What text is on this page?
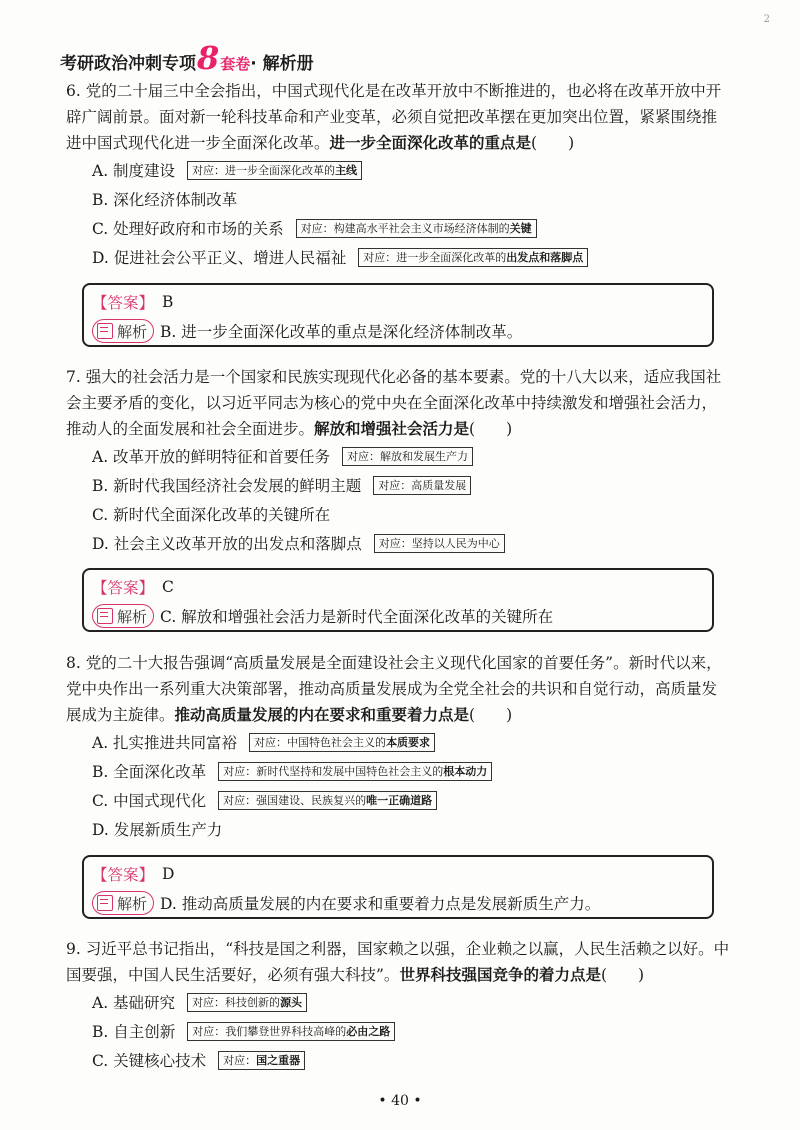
2
考研政治冲刺专项 8 套卷 · 解析册
6. 党的二十届三中全会指出，中国式现代化是在改革开放中不断推进的，也必将在改革开放中开辟广阔前景。面对新一轮科技革命和产业变革，必须自觉把改革摆在更加突出位置，紧紧围绕推进中国式现代化进一步全面深化改革。进一步全面深化改革的重点是(　　)
A. 制度建设	对应：进一步全面深化改革的主线
B. 深化经济体制改革
C. 处理好政府和市场的关系	对应：构建高水平社会主义市场经济体制的关键
D. 促进社会公平正义、增进人民福祉	对应：进一步全面深化改革的出发点和落脚点
【答案】 B
解析 B. 进一步全面深化改革的重点是深化经济体制改革。
7. 强大的社会活力是一个国家和民族实现现代化必备的基本要素。党的十八大以来，适应我国社会主要矛盾的变化，以习近平同志为核心的党中央在全面深化改革中持续激发和增强社会活力，推动人的全面发展和社会全面进步。解放和增强社会活力是(　　)
A. 改革开放的鲜明特征和首要任务	对应：解放和发展生产力
B. 新时代我国经济社会发展的鲜明主题	对应：高质量发展
C. 新时代全面深化改革的关键所在
D. 社会主义改革开放的出发点和落脚点	对应：坚持以人民为中心
【答案】 C
解析 C. 解放和增强社会活力是新时代全面深化改革的关键所在
8. 党的二十大报告强调“高质量发展是全面建设社会主义现代化国家的首要任务”。新时代以来，党中央作出一系列重大决策部署，推动高质量发展成为全党全社会的共识和自觉行动，高质量发展成为主旋律。推动高质量发展的内在要求和重要着力点是(　　)
A. 扎实推进共同富裕	对应：中国特色社会主义的本质要求
B. 全面深化改革	对应：新时代坚持和发展中国特色社会主义的根本动力
C. 中国式现代化	对应：强国建设、民族复兴的唯一正确道路
D. 发展新质生产力
【答案】 D
解析 D. 推动高质量发展的内在要求和重要着力点是发展新质生产力。
9. 习近平总书记指出，“科技是国之利器，国家赖之以强，企业赖之以赢，人民生活赖之以好。中国要强，中国人民生活要好，必须有强大科技”。世界科技强国竞争的着力点是(　　)
A. 基础研究	对应：科技创新的源头
B. 自主创新	对应：我们攀登世界科技高峰的必由之路
C. 关键核心技术	对应：国之重器
• 40 •
